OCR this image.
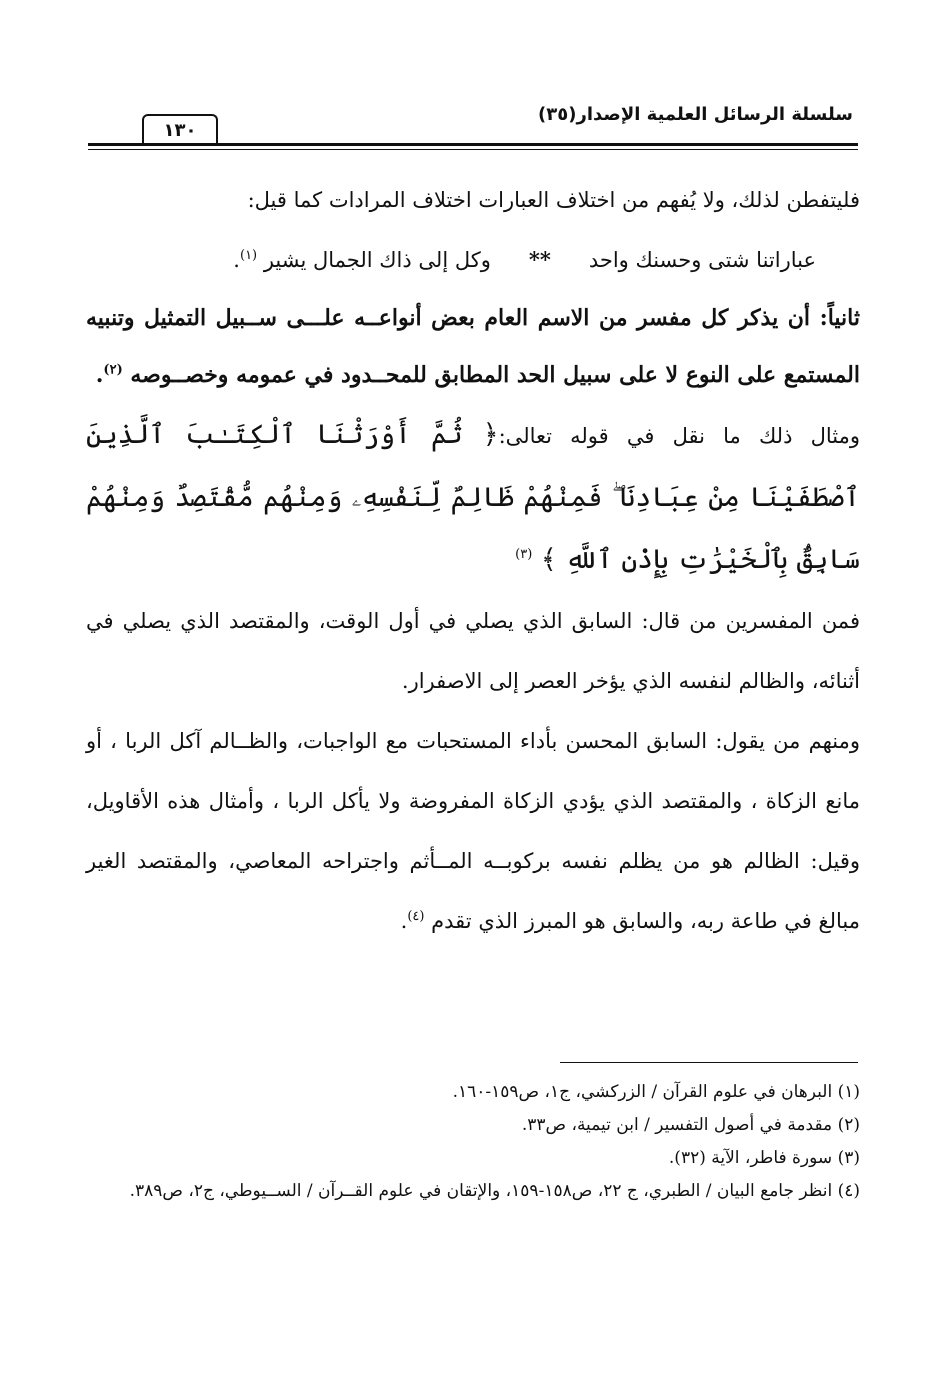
سلسلة الرسائل العلمية الإصدار(٣٥)
١٣٠

فليتفطن لذلك، ولا يُفهم من اختلاف العبارات اختلاف المرادات كما قيل:

عباراتنا شتى وحسنك واحد**وكل إلى ذاك الجمال يشير $^{(١)}$.

ثانياً: أن يذكر كل مفسر من الاسم العام بعض أنواعــه علـــى ســبيل التمثيل وتنبيه المستمع على النوع لا على سبيل الحد المطابق للمحــدود في عمومه وخصــوصه $^{(٢)}$.

ومثال ذلك ما نقل في قوله تعالى:﴿ ثُمَّ أَوْرَثْنَا ٱلْكِتَـٰبَ ٱلَّذِينَ ٱصْطَفَيْنَا مِنْ عِبَادِنَا ۖ فَمِنْهُمْ ظَالِمٌ لِّنَفْسِهِۦ وَمِنْهُم مُّقْتَصِدٌ وَمِنْهُمْ سَابِقٌۢ بِٱلْخَيْرَٰتِ بِإِذْنِ ٱللَّهِ ﴾ $^{(٣)}$

فمن المفسرين من قال: السابق الذي يصلي في أول الوقت، والمقتصد الذي يصلي في أثنائه، والظالم لنفسه الذي يؤخر العصر إلى الاصفرار.

ومنهم من يقول: السابق المحسن بأداء المستحبات مع الواجبات، والظــالم آكل الربا ، أو مانع الزكاة ، والمقتصد الذي يؤدي الزكاة المفروضة ولا يأكل الربا ، وأمثال هذه الأقاويل، وقيل: الظالم هو من يظلم نفسه بركوبــه المــأثم واجتراحه المعاصي، والمقتصد الغير مبالغ في طاعة ربه، والسابق هو المبرز الذي تقدم $^{(٤)}$.

(١) البرهان في علوم القرآن / الزركشي، ج١، ص١٥٩-١٦٠.

(٢) مقدمة في أصول التفسير / ابن تيمية، ص٣٣.

(٣) سورة فاطر، الآية (٣٢).

(٤) انظر جامع البيان / الطبري، ج ٢٢، ص١٥٨-١٥٩، والإتقان في علوم القــرآن / الســيوطي، ج٢، ص٣٨٩.
